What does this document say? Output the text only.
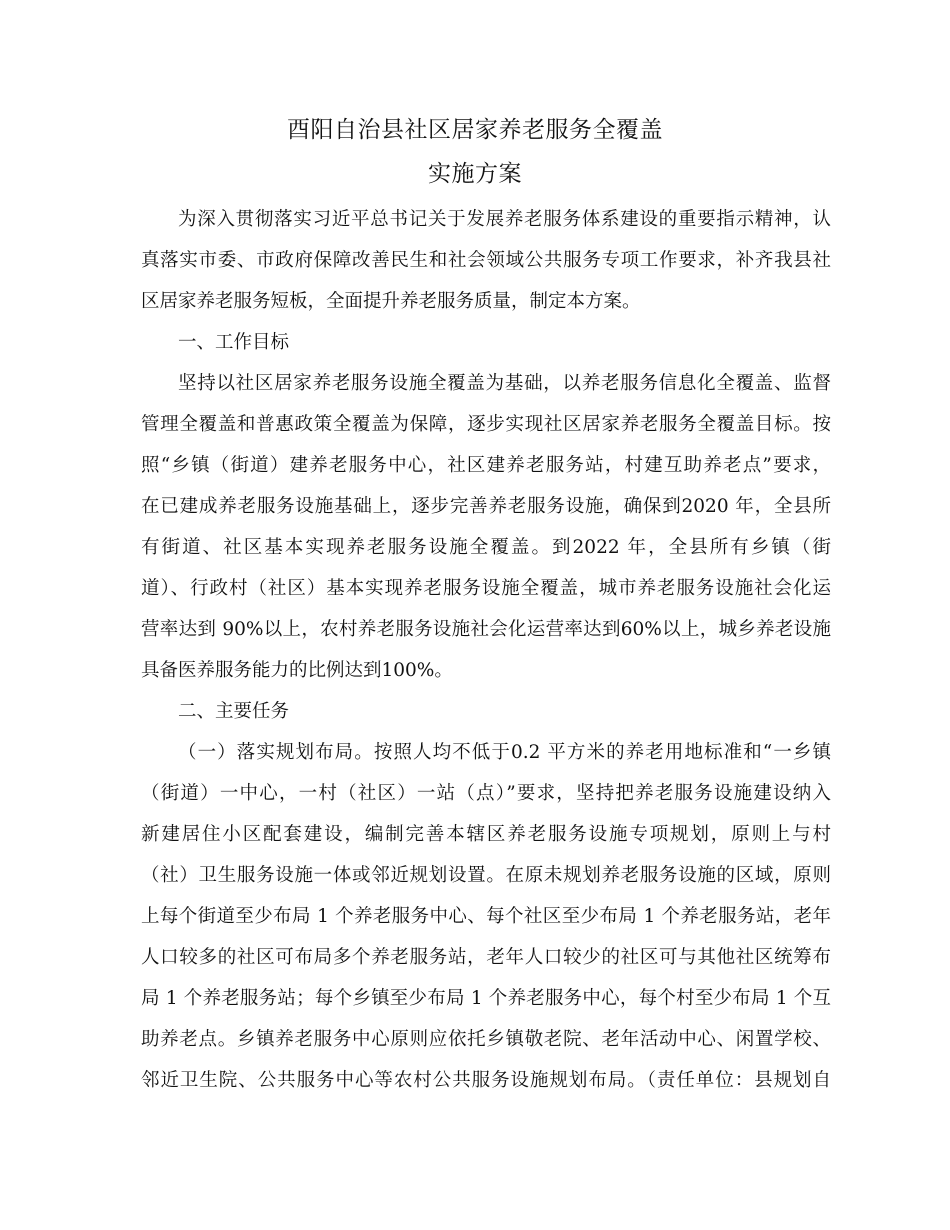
酉阳自治县社区居家养老服务全覆盖
实施方案
为深入贯彻落实习近平总书记关于发展养老服务体系建设的重要指示精神，认
真落实市委、市政府保障改善民生和社会领域公共服务专项工作要求，补齐我县社
区居家养老服务短板，全面提升养老服务质量，制定本方案。
一、工作目标
坚持以社区居家养老服务设施全覆盖为基础，以养老服务信息化全覆盖、监督
管理全覆盖和普惠政策全覆盖为保障，逐步实现社区居家养老服务全覆盖目标。按
照“乡镇（街道）建养老服务中心，社区建养老服务站，村建互助养老点”要求，
在已建成养老服务设施基础上，逐步完善养老服务设施，确保到2020 年，全县所
有街道、社区基本实现养老服务设施全覆盖。到2022 年，全县所有乡镇（街
道）、行政村（社区）基本实现养老服务设施全覆盖，城市养老服务设施社会化运
营率达到 90%以上，农村养老服务设施社会化运营率达到60%以上，城乡养老设施
具备医养服务能力的比例达到100%。
二、主要任务
（一）落实规划布局。按照人均不低于0.2 平方米的养老用地标准和“一乡镇
（街道）一中心，一村（社区）一站（点）”要求，坚持把养老服务设施建设纳入
新建居住小区配套建设，编制完善本辖区养老服务设施专项规划，原则上与村
（社）卫生服务设施一体或邻近规划设置。在原未规划养老服务设施的区域，原则
上每个街道至少布局 1 个养老服务中心、每个社区至少布局 1 个养老服务站，老年
人口较多的社区可布局多个养老服务站，老年人口较少的社区可与其他社区统筹布
局 1 个养老服务站；每个乡镇至少布局 1 个养老服务中心，每个村至少布局 1 个互
助养老点。乡镇养老服务中心原则应依托乡镇敬老院、老年活动中心、闲置学校、
邻近卫生院、公共服务中心等农村公共服务设施规划布局。（责任单位：县规划自
